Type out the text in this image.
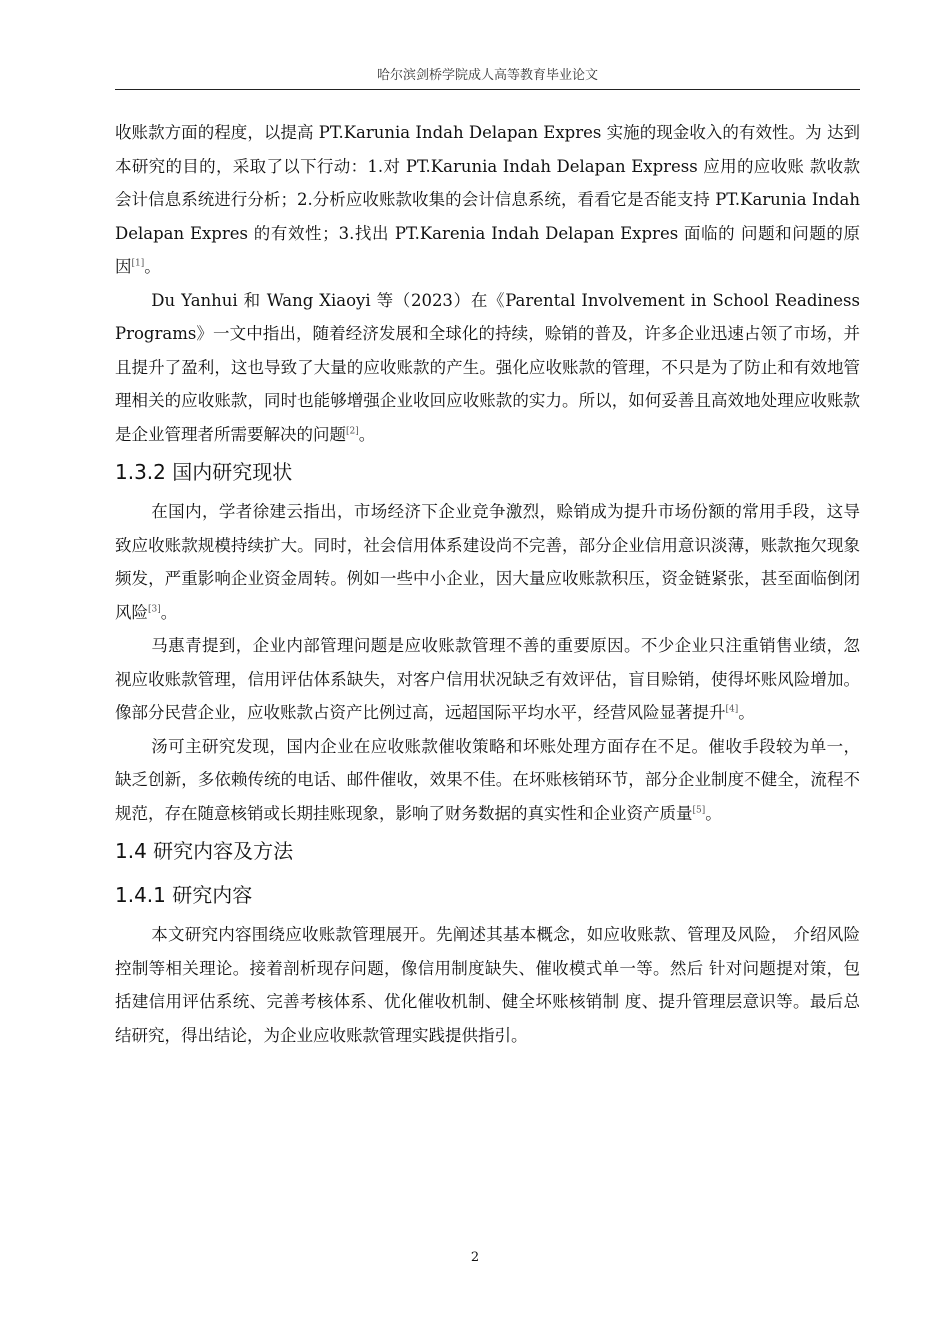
哈尔滨剑桥学院成人高等教育毕业论文

收账款方面的程度，以提高 PT.Karunia Indah Delapan Expres 实施的现金收入的有效性。为 达到本研究的目的，采取了以下行动：1.对 PT.Karunia Indah Delapan Express 应用的应收账 款收款会计信息系统进行分析；2.分析应收账款收集的会计信息系统，看看它是否能支持 PT.Karunia Indah Delapan Expres 的有效性；3.找出 PT.Karenia Indah Delapan Expres 面临的 问题和问题的原因[1]。

Du Yanhui 和 Wang Xiaoyi 等（2023）在《Parental Involvement in School Readiness Programs》一文中指出，随着经济发展和全球化的持续，赊销的普及，许多企业迅速占领了市场，并且提升了盈利，这也导致了大量的应收账款的产生。强化应收账款的管理，不只是为了防止和有效地管理相关的应收账款，同时也能够增强企业收回应收账款的实力。所以，如何妥善且高效地处理应收账款是企业管理者所需要解决的问题[2]。

1.3.2 国内研究现状

在国内，学者徐建云指出，市场经济下企业竞争激烈，赊销成为提升市场份额的常用手段，这导致应收账款规模持续扩大。同时，社会信用体系建设尚不完善，部分企业信用意识淡薄，账款拖欠现象频发，严重影响企业资金周转。例如一些中小企业，因大量应收账款积压，资金链紧张，甚至面临倒闭风险[3]。

马惠青提到，企业内部管理问题是应收账款管理不善的重要原因。不少企业只注重销售业绩，忽视应收账款管理，信用评估体系缺失，对客户信用状况缺乏有效评估，盲目赊销，使得坏账风险增加。像部分民营企业，应收账款占资产比例过高，远超国际平均水平，经营风险显著提升[4]。

汤可主研究发现，国内企业在应收账款催收策略和坏账处理方面存在不足。催收手段较为单一，缺乏创新，多依赖传统的电话、邮件催收，效果不佳。在坏账核销环节，部分企业制度不健全，流程不规范，存在随意核销或长期挂账现象，影响了财务数据的真实性和企业资产质量[5]。

1.4 研究内容及方法
1.4.1 研究内容

本文研究内容围绕应收账款管理展开。先阐述其基本概念，如应收账款、管理及风险， 介绍风险控制等相关理论。接着剖析现存问题，像信用制度缺失、催收模式单一等。然后 针对问题提对策，包括建信用评估系统、完善考核体系、优化催收机制、健全坏账核销制 度、提升管理层意识等。最后总结研究，得出结论，为企业应收账款管理实践提供指引。

2
